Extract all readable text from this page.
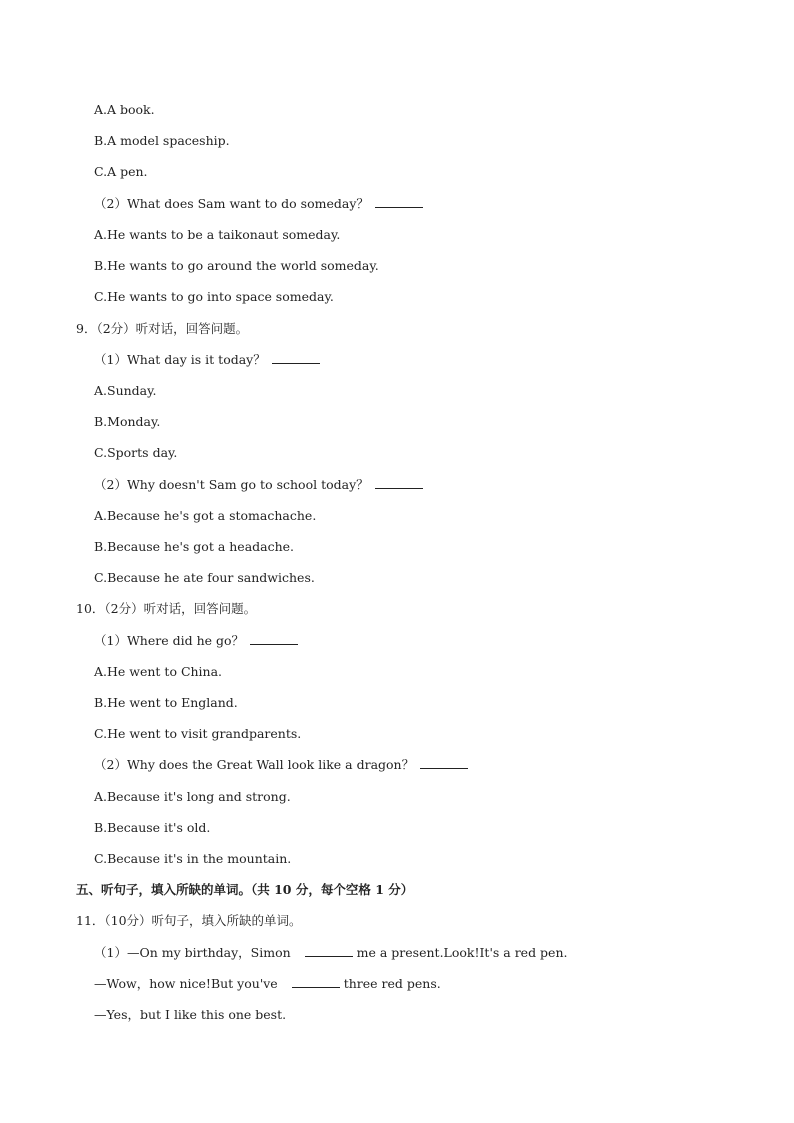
A.A book.
B.A model spaceship.
C.A pen.
（2）What does Sam want to do someday？
A.He wants to be a taikonaut someday.
B.He wants to go around the world someday.
C.He wants to go into space someday.
9．（2分）听对话，回答问题。
（1）What day is it today？
A.Sunday.
B.Monday.
C.Sports day.
（2）Why doesn't Sam go to school today？
A.Because he's got a stomachache.
B.Because he's got a headache.
C.Because he ate four sandwiches.
10．（2分）听对话，回答问题。
（1）Where did he go？
A.He went to China.
B.He went to England.
C.He went to visit grandparents.
（2）Why does the Great Wall look like a dragon？
A.Because it's long and strong.
B.Because it's old.
C.Because it's in the mountain.
五、听句子，填入所缺的单词。（共 10 分，每个空格 1 分）
11．（10分）听句子，填入所缺的单词。
（1）—On my birthday，Simon	me a present.Look!It's a red pen.
—Wow，how nice!But you've	three red pens.
—Yes，but I like this one best.
